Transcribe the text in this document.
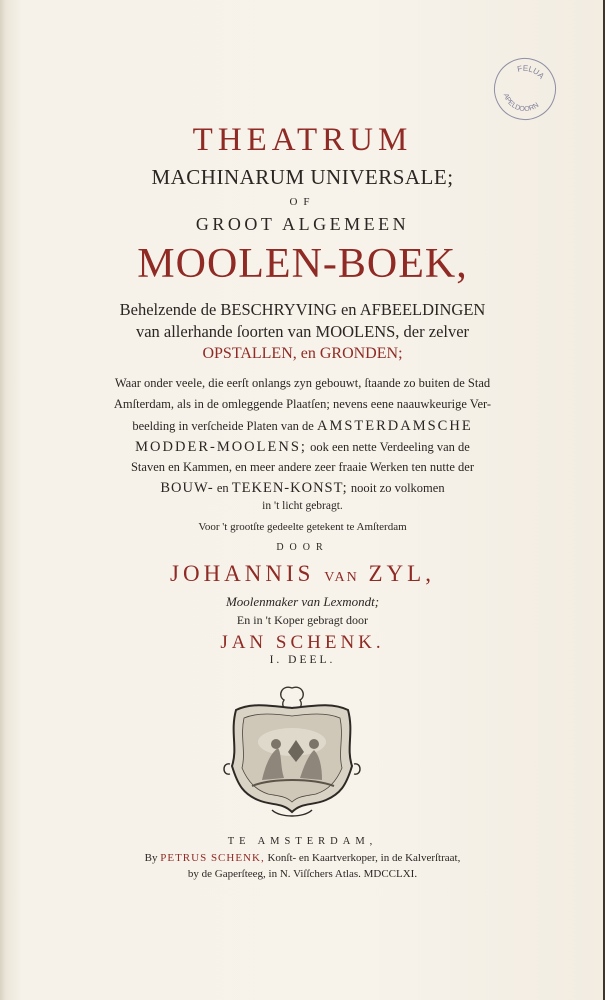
FELUA
APELDOORN
THEATRUM
MACHINARUM UNIVERSALE;
OF
GROOT ALGEMEEN
MOOLEN-BOEK,
Behelzende de BESCHRYVING en AFBEELDINGEN
van allerhande ſoorten van MOOLENS, der zelver
OPSTALLEN, en GRONDEN;
Waar onder veele, die eerſt onlangs zyn gebouwt, ſtaande zo buiten de Stad
Amſterdam, als in de omleggende Plaatſen; nevens eene naauwkeurige Ver-
beelding in verſcheide Platen van de AMSTERDAMSCHE
MODDER-MOOLENS; ook een nette Verdeeling van de
Staven en Kammen, en meer andere zeer fraaie Werken ten nutte der
BOUW- en TEKEN-KONST; nooit zo volkomen
in 't licht gebragt.
Voor 't grootſte gedeelte getekent te Amſterdam
DOOR
JOHANNIS VAN ZYL,
Moolenmaker van Lexmondt;
En in 't Koper gebragt door
JAN SCHENK.
I. DEEL.
TE AMSTERDAM,
By PETRUS SCHENK, Konſt- en Kaartverkoper, in de Kalverſtraat,
by de Gaperſteeg, in N. Viſſchers Atlas. MDCCLXI.
